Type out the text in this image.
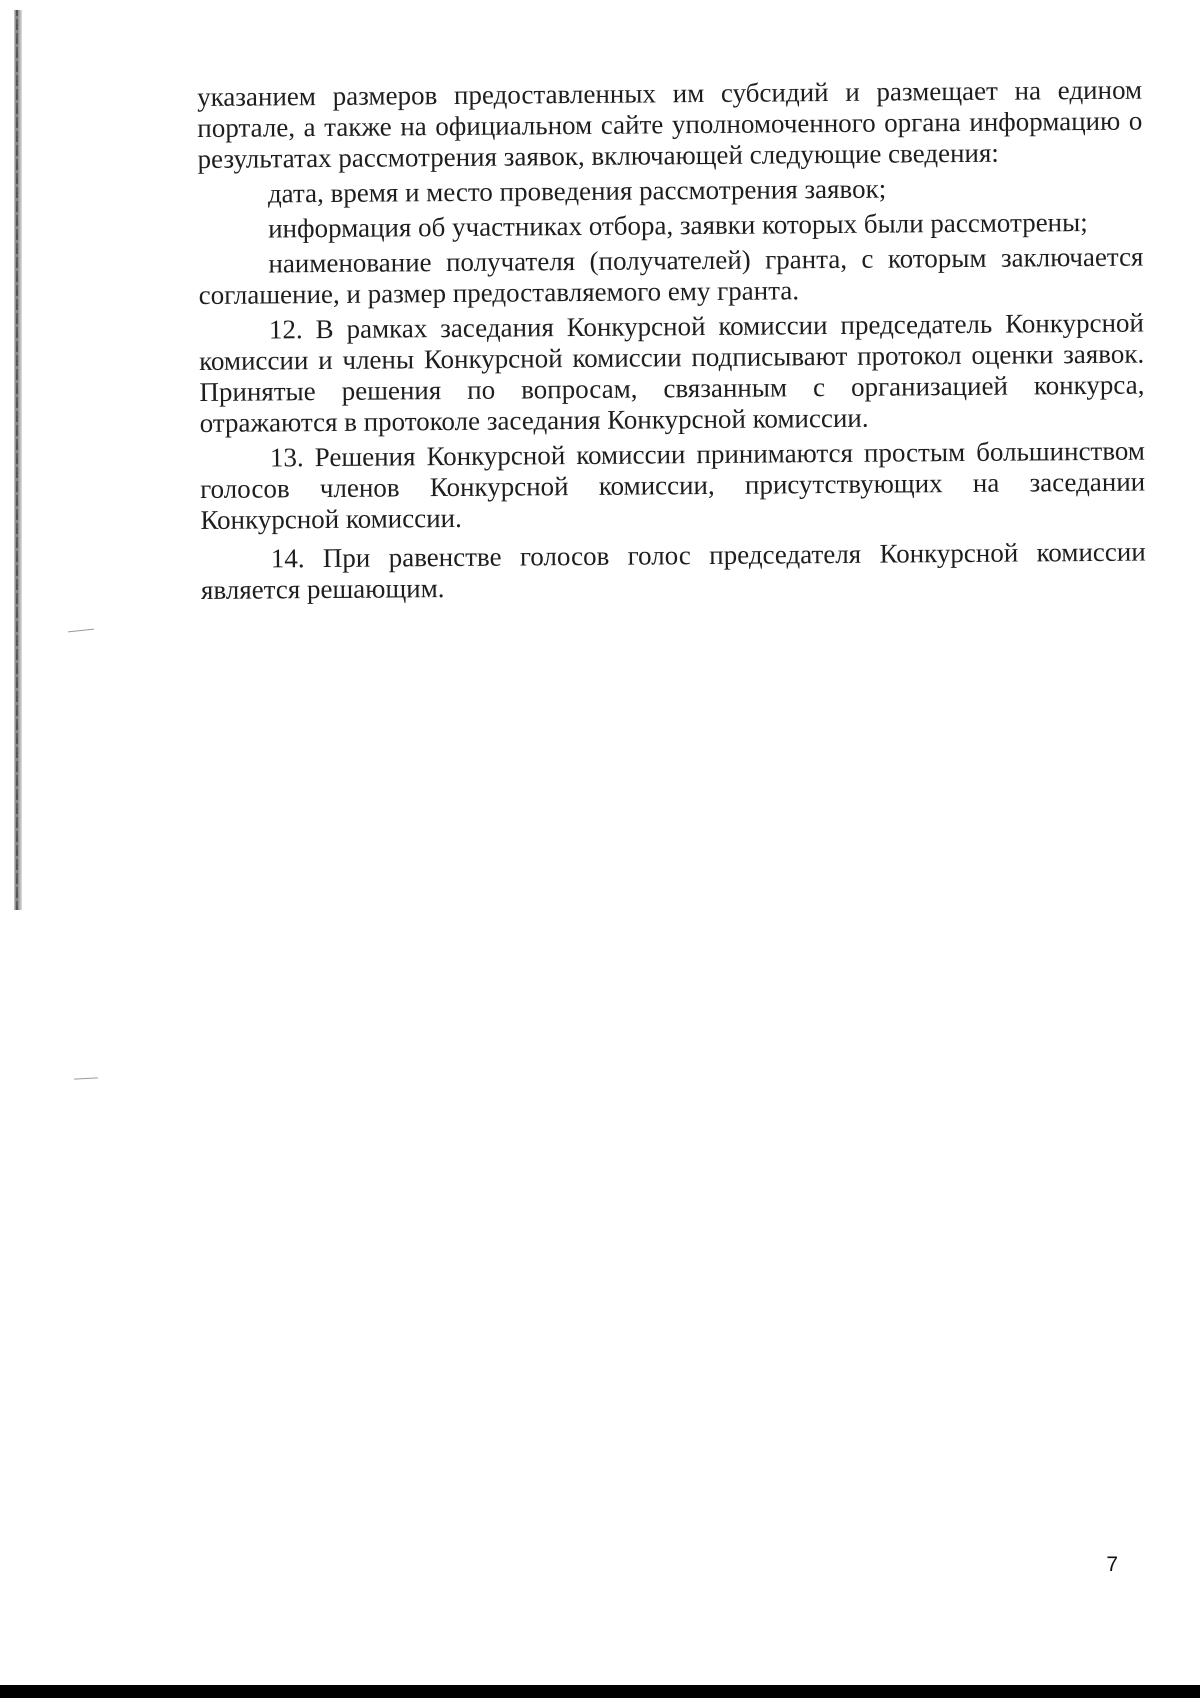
указанием размеров предоставленных им субсидий и размещает на едином портале, а также на официальном сайте уполномоченного органа информацию о результатах рассмотрения заявок, включающей следующие сведения:

дата, время и место проведения рассмотрения заявок;

информация об участниках отбора, заявки которых были рассмотрены;

наименование получателя (получателей) гранта, с которым заключается соглашение, и размер предоставляемого ему гранта.

12. В рамках заседания Конкурсной комиссии председатель Конкурсной комиссии и члены Конкурсной комиссии подписывают протокол оценки заявок. Принятые решения по вопросам, связанным с организацией конкурса, отражаются в протоколе заседания Конкурсной комиссии.

13. Решения Конкурсной комиссии принимаются простым большинством голосов членов Конкурсной комиссии, присутствующих на заседании Конкурсной комиссии.

14. При равенстве голосов голос председателя Конкурсной комиссии является решающим.

7
